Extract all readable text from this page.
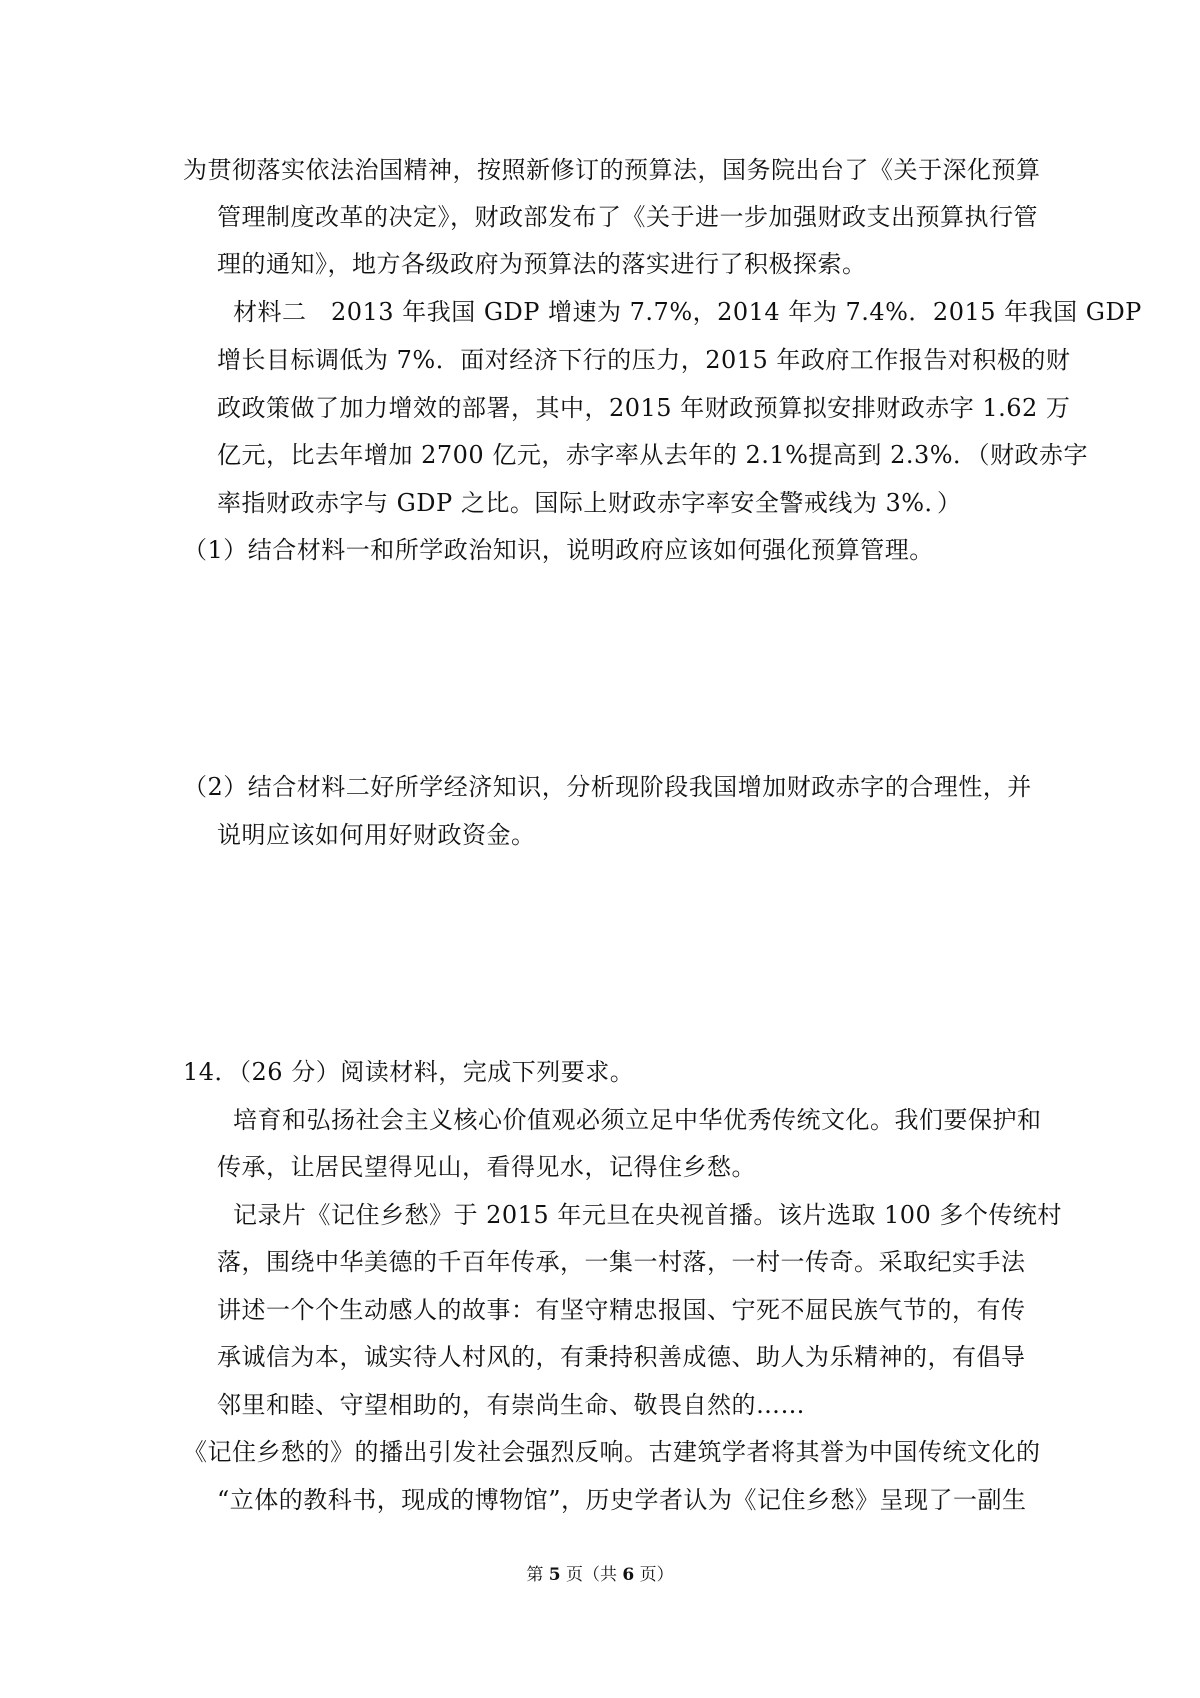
为贯彻落实依法治国精神，按照新修订的预算法，国务院出台了《关于深化预算
管理制度改革的决定》，财政部发布了《关于进一步加强财政支出预算执行管
理的通知》，地方各级政府为预算法的落实进行了积极探索。
材料二　2013 年我国 GDP 增速为 7.7%，2014 年为 7.4%．2015 年我国 GDP
增长目标调低为 7%．面对经济下行的压力，2015 年政府工作报告对积极的财
政政策做了加力增效的部署，其中，2015 年财政预算拟安排财政赤字 1.62 万
亿元，比去年增加 2700 亿元，赤字率从去年的 2.1%提高到 2.3%．（财政赤字
率指财政赤字与 GDP 之比。国际上财政赤字率安全警戒线为 3%．）
（1）结合材料一和所学政治知识，说明政府应该如何强化预算管理。
（2）结合材料二好所学经济知识，分析现阶段我国增加财政赤字的合理性，并
说明应该如何用好财政资金。
14．（26 分）阅读材料，完成下列要求。
培育和弘扬社会主义核心价值观必须立足中华优秀传统文化。我们要保护和
传承，让居民望得见山，看得见水，记得住乡愁。
记录片《记住乡愁》于 2015 年元旦在央视首播。该片选取 100 多个传统村
落，围绕中华美德的千百年传承，一集一村落，一村一传奇。采取纪实手法
讲述一个个生动感人的故事：有坚守精忠报国、宁死不屈民族气节的，有传
承诚信为本，诚实待人村风的，有秉持积善成德、助人为乐精神的，有倡导
邻里和睦、守望相助的，有崇尚生命、敬畏自然的……
《记住乡愁的》的播出引发社会强烈反响。古建筑学者将其誉为中国传统文化的
“立体的教科书，现成的博物馆”，历史学者认为《记住乡愁》呈现了一副生
第 5 页（共 6 页）
